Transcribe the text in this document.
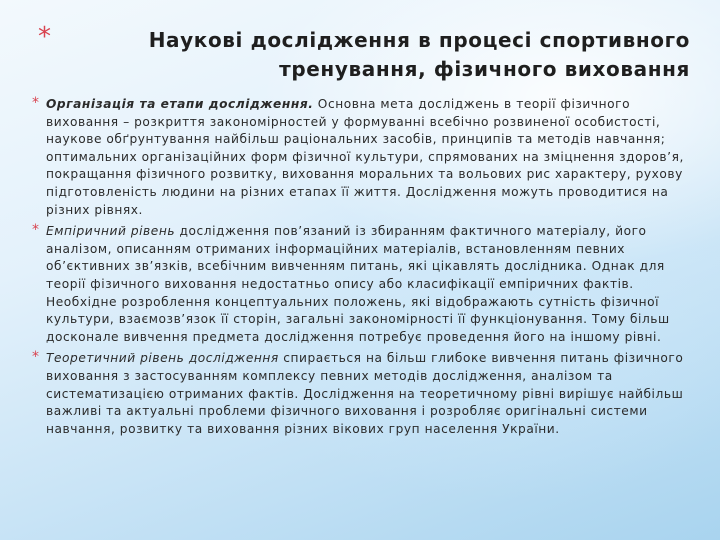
*	Наукові дослідження в процесі спортивного
тренування, фізичного виховання
* Організація та етапи дослідження. Основна мета досліджень в теорії фізичного виховання – розкриття закономірностей у формуванні всебічно розвиненої особистості, наукове обґрунтування найбільш раціональних засобів, принципів та методів навчання; оптимальних організаційних форм фізичної культури, спрямованих на зміцнення здоров’я, покращання фізичного розвитку, виховання моральних та вольових рис характеру, рухову підготовленість людини на різних етапах її життя. Дослідження можуть проводитися на різних рівнях.
* Емпіричний рівень дослідження пов’язаний із збиранням фактичного матеріалу, його аналізом, описанням отриманих інформаційних матеріалів, встановленням певних об’єктивних зв’язків, всебічним вивченням питань, які цікавлять дослідника. Однак для теорії фізичного виховання недостатньо опису або класифікації емпіричних фактів. Необхідне розроблення концептуальних положень, які відображають сутність фізичної культури, взаємозв’язок її сторін, загальні закономірності її функціонування. Тому більш досконале вивчення предмета дослідження потребує проведення його на іншому рівні.
* Теоретичний рівень дослідження спирається на більш глибоке вивчення питань фізичного виховання з застосуванням комплексу певних методів дослідження, аналізом та систематизацією отриманих фактів. Дослідження на теоретичному рівні вирішує найбільш важливі та актуальні проблеми фізичного виховання і розробляє оригінальні системи навчання, розвитку та виховання різних вікових груп населення України.
